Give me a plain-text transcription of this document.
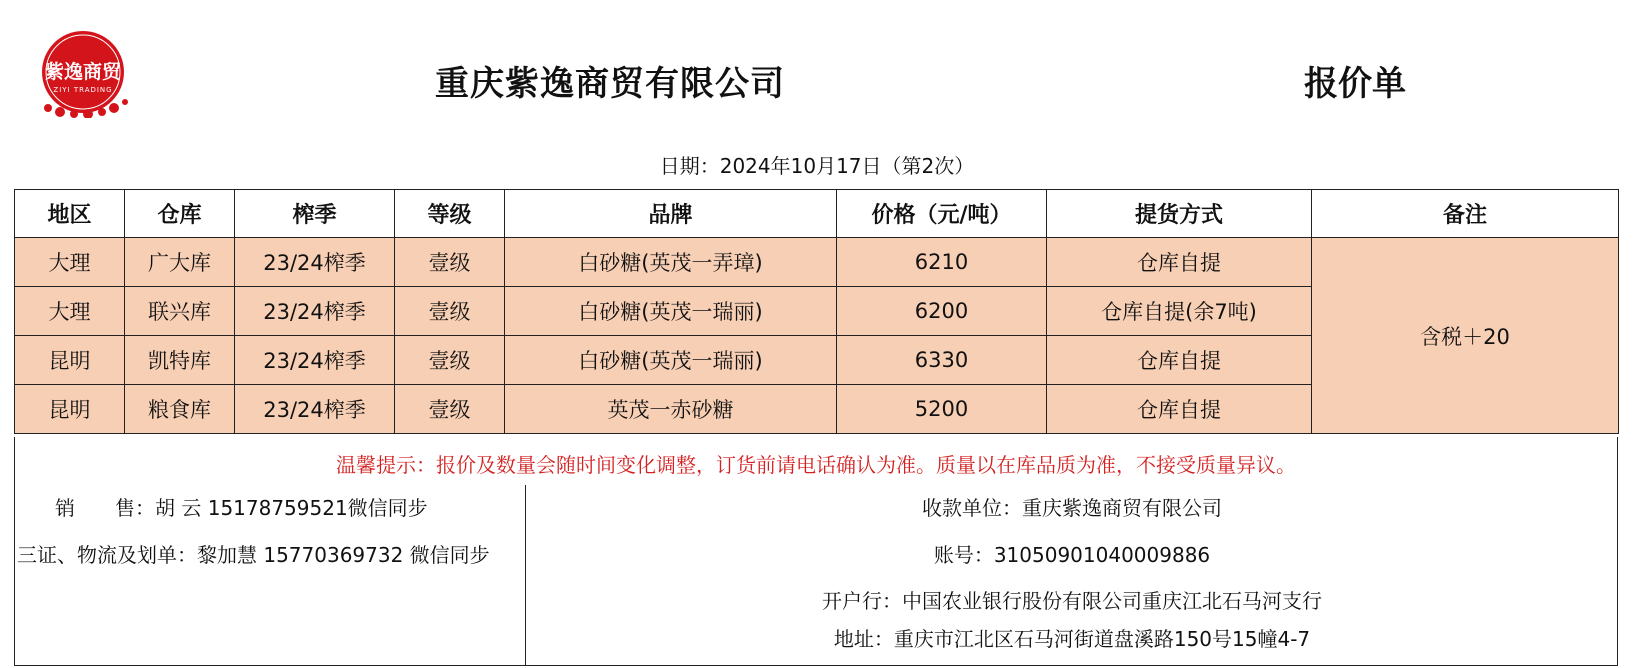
紫逸商贸
ZIYI TRADING	重庆紫逸商贸有限公司	报价单
日期：2024年10月17日（第2次）
地区	仓库	榨季	等级	品牌	价格（元/吨）	提货方式	备注
大理	广大库	23/24榨季	壹级	白砂糖(英茂一弄璋)	6210	仓库自提	含税＋20
大理	联兴库	23/24榨季	壹级	白砂糖(英茂一瑞丽)	6200	仓库自提(余7吨)	
昆明	凯特库	23/24榨季	壹级	白砂糖(英茂一瑞丽)	6330	仓库自提	
昆明	粮食库	23/24榨季	壹级	英茂一赤砂糖	5200	仓库自提	
温馨提示：报价及数量会随时间变化调整，订货前请电话确认为准。质量以在库品质为准，不接受质量异议。
销　　售：胡 云 15178759521微信同步
三证、物流及划单：黎加慧 15770369732 微信同步
收款单位：重庆紫逸商贸有限公司
账号：31050901040009886
开户行：中国农业银行股份有限公司重庆江北石马河支行
地址：重庆市江北区石马河街道盘溪路150号15幢4-7
